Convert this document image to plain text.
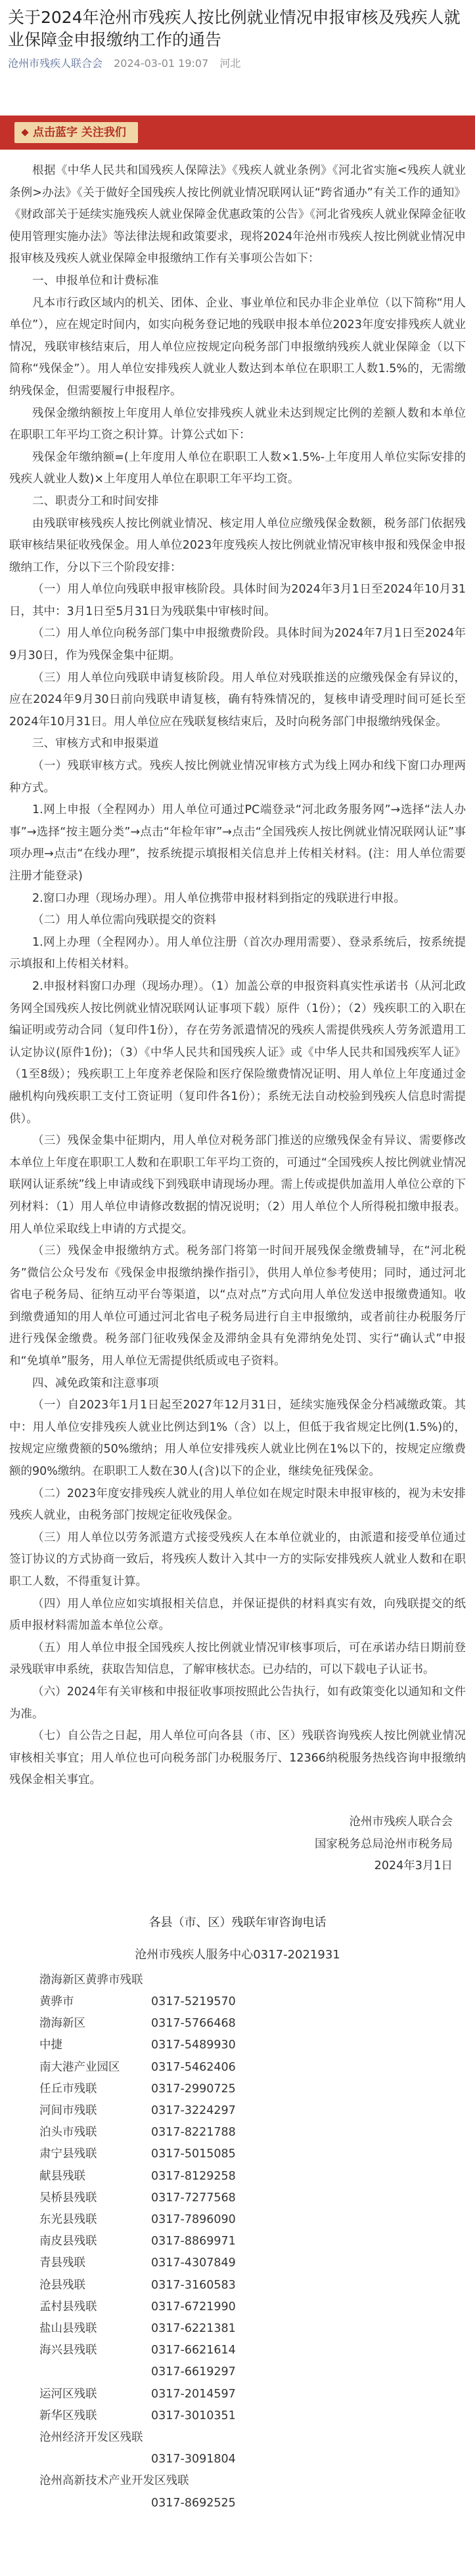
关于2024年沧州市残疾人按比例就业情况申报审核及残疾人就业保障金申报缴纳工作的通告
沧州市残疾人联合会 2024-03-01 19:07 河北
点击蓝字 关注我们

根据《中华人民共和国残疾人保障法》《残疾人就业条例》《河北省实施<残疾人就业条例>办法》《关于做好全国残疾人按比例就业情况联网认证“跨省通办”有关工作的通知》《财政部关于延续实施残疾人就业保障金优惠政策的公告》《河北省残疾人就业保障金征收使用管理实施办法》等法律法规和政策要求，现将2024年沧州市残疾人按比例就业情况申报审核及残疾人就业保障金申报缴纳工作有关事项公告如下：

一、申报单位和计费标准

凡本市行政区域内的机关、团体、企业、事业单位和民办非企业单位（以下简称“用人单位”），应在规定时间内，如实向税务登记地的残联申报本单位2023年度安排残疾人就业情况，残联审核结束后，用人单位应按规定向税务部门申报缴纳残疾人就业保障金（以下简称“残保金”）。用人单位安排残疾人就业人数达到本单位在职职工人数1.5%的，无需缴纳残保金，但需要履行申报程序。

残保金缴纳额按上年度用人单位安排残疾人就业未达到规定比例的差额人数和本单位在职职工年平均工资之积计算。计算公式如下：

残保金年缴纳额=(上年度用人单位在职职工人数×1.5%-上年度用人单位实际安排的残疾人就业人数)×上年度用人单位在职职工年平均工资。

二、职责分工和时间安排

由残联审核残疾人按比例就业情况、核定用人单位应缴残保金数额，税务部门依据残联审核结果征收残保金。用人单位2023年度残疾人按比例就业情况审核申报和残保金申报缴纳工作，分以下三个阶段安排：

（一）用人单位向残联申报审核阶段。具体时间为2024年3月1日至2024年10月31日，其中：3月1日至5月31日为残联集中审核时间。

（二）用人单位向税务部门集中申报缴费阶段。具体时间为2024年7月1日至2024年9月30日，作为残保金集中征期。

（三）用人单位向残联申请复核阶段。用人单位对残联推送的应缴残保金有异议的，应在2024年9月30日前向残联申请复核，确有特殊情况的，复核申请受理时间可延长至2024年10月31日。用人单位应在残联复核结束后，及时向税务部门申报缴纳残保金。

三、审核方式和申报渠道

（一）残联审核方式。残疾人按比例就业情况审核方式为线上网办和线下窗口办理两种方式。

1.网上申报（全程网办）用人单位可通过PC端登录“河北政务服务网”→选择“法人办事”→选择“按主题分类”→点击“年检年审”→点击“全国残疾人按比例就业情况联网认证”事项办理→点击“在线办理”，按系统提示填报相关信息并上传相关材料。(注：用人单位需要注册才能登录)

2.窗口办理（现场办理）。用人单位携带申报材料到指定的残联进行申报。

（二）用人单位需向残联提交的资料

1.网上办理（全程网办）。用人单位注册（首次办理用需要）、登录系统后，按系统提示填报和上传相关材料。

2.申报材料窗口办理（现场办理）。（1）加盖公章的申报资料真实性承诺书（从河北政务网全国残疾人按比例就业情况联网认证事项下载）原件（1份）；（2）残疾职工的入职在编证明或劳动合同（复印件1份），存在劳务派遣情况的残疾人需提供残疾人劳务派遣用工认定协议(原件1份)；（3）《中华人民共和国残疾人证》或《中华人民共和国残疾军人证》（1至8级）；残疾职工上年度养老保险和医疗保险缴费情况证明、用人单位上年度通过金融机构向残疾职工支付工资证明（复印件各1份）；系统无法自动校验到残疾人信息时需提供）。

（三）残保金集中征期内，用人单位对税务部门推送的应缴残保金有异议、需要修改本单位上年度在职职工人数和在职职工年平均工资的，可通过“全国残疾人按比例就业情况联网认证系统”线上申请或线下到残联申请现场办理。需上传或提供加盖用人单位公章的下列材料：（1）用人单位申请修改数据的情况说明；（2）用人单位个人所得税扣缴申报表。用人单位采取线上申请的方式提交。

（三）残保金申报缴纳方式。税务部门将第一时间开展残保金缴费辅导，在“河北税务”微信公众号发布《残保金申报缴纳操作指引》，供用人单位参考使用；同时，通过河北省电子税务局、征纳互动平台等渠道，以“点对点”方式向用人单位发送申报缴费通知。收到缴费通知的用人单位可通过河北省电子税务局进行自主申报缴纳，或者前往办税服务厅进行残保金缴费。税务部门征收残保金及滞纳金具有免滞纳免处罚、实行“确认式”申报和“免填单”服务，用人单位无需提供纸质或电子资料。

四、减免政策和注意事项

（一）自2023年1月1日起至2027年12月31日，延续实施残保金分档减缴政策。其中：用人单位安排残疾人就业比例达到1%（含）以上，但低于我省规定比例(1.5%)的，按规定应缴费额的50%缴纳；用人单位安排残疾人就业比例在1%以下的，按规定应缴费额的90%缴纳。在职职工人数在30人(含)以下的企业，继续免征残保金。

（二）2023年度安排残疾人就业的用人单位如在规定时限未申报审核的，视为未安排残疾人就业，由税务部门按规定征收残保金。

（三）用人单位以劳务派遣方式接受残疾人在本单位就业的，由派遣和接受单位通过签订协议的方式协商一致后，将残疾人数计入其中一方的实际安排残疾人就业人数和在职职工人数，不得重复计算。

（四）用人单位应如实填报相关信息，并保证提供的材料真实有效，向残联提交的纸质申报材料需加盖本单位公章。

（五）用人单位申报全国残疾人按比例就业情况审核事项后，可在承诺办结日期前登录残联审申系统，获取告知信息，了解审核状态。已办结的，可以下载电子认证书。

（六）2024年有关审核和申报征收事项按照此公告执行，如有政策变化以通知和文件为准。

（七）自公告之日起，用人单位可向各县（市、区）残联咨询残疾人按比例就业情况审核相关事宜；用人单位也可向税务部门办税服务厅、12366纳税服务热线咨询申报缴纳残保金相关事宜。

沧州市残疾人联合会
国家税务总局沧州市税务局
2024年3月1日
各县（市、区）残联年审咨询电话
沧州市残疾人服务中心0317-2021931
渤海新区黄骅市残联
黄骅市	0317-5219570
渤海新区	0317-5766468
中捷	0317-5489930
南大港产业园区	0317-5462406
任丘市残联	0317-2990725
河间市残联	0317-3224297
泊头市残联	0317-8221788
肃宁县残联	0317-5015085
献县残联	0317-8129258
吴桥县残联	0317-7277568
东光县残联	0317-7896090
南皮县残联	0317-8869971
青县残联	0317-4307849
沧县残联	0317-3160583
孟村县残联	0317-6721990
盐山县残联	0317-6221381
海兴县残联	0317-6621614
0317-6619297
运河区残联	0317-2014597
新华区残联	0317-3010351
沧州经济开发区残联
0317-3091804
沧州高新技术产业开发区残联
0317-8692525
